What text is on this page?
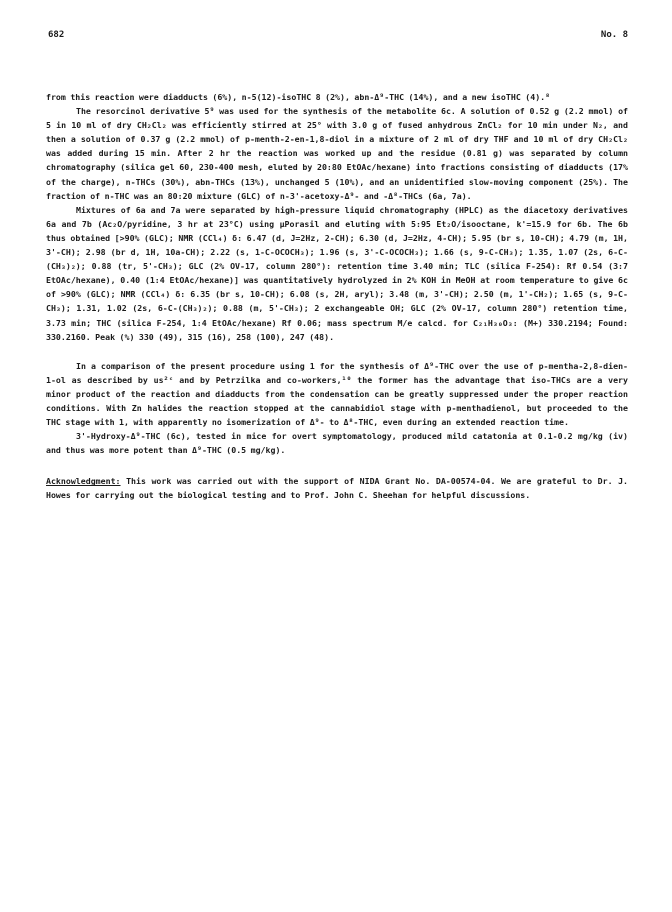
682	No. 8

from this reaction were diadducts (6%), n-5(12)-isoTHC 8 (2%), abn-Δ⁹-THC (14%), and a new isoTHC (4).⁸

The resorcinol derivative 5⁹ was used for the synthesis of the metabolite 6c. A solution of 0.52 g (2.2 mmol) of 5 in 10 ml of dry CH₂Cl₂ was efficiently stirred at 25° with 3.0 g of fused anhydrous ZnCl₂ for 10 min under N₂, and then a solution of 0.37 g (2.2 mmol) of p-menth-2-en-1,8-diol in a mixture of 2 ml of dry THF and 10 ml of dry CH₂Cl₂ was added during 15 min. After 2 hr the reaction was worked up and the residue (0.81 g) was separated by column chromatography (silica gel 60, 230-400 mesh, eluted by 20:80 EtOAc/hexane) into fractions consisting of diadducts (17% of the charge), n-THCs (30%), abn-THCs (13%), unchanged 5 (10%), and an unidentified slow-moving component (25%). The fraction of n-THC was an 80:20 mixture (GLC) of n-3'-acetoxy-Δ⁹- and -Δ⁸-THCs (6a, 7a).

Mixtures of 6a and 7a were separated by high-pressure liquid chromatography (HPLC) as the diacetoxy derivatives 6a and 7b (Ac₂O/pyridine, 3 hr at 23°C) using μPorasil and eluting with 5:95 Et₂O/isooctane, k'=15.9 for 6b. The 6b thus obtained [>90% (GLC); NMR (CCl₄) δ: 6.47 (d, J=2Hz, 2-CH); 6.30 (d, J=2Hz, 4-CH); 5.95 (br s, 10-CH); 4.79 (m, 1H, 3'-CH); 2.98 (br d, 1H, 10a-CH); 2.22 (s, 1-C-OCOCH₃); 1.96 (s, 3'-C-OCOCH₃); 1.66 (s, 9-C-CH₃); 1.35, 1.07 (2s, 6-C-(CH₃)₂); 0.88 (tr, 5'-CH₃); GLC (2% OV-17, column 280°): retention time 3.40 min; TLC (silica F-254): Rf 0.54 (3:7 EtOAc/hexane), 0.40 (1:4 EtOAc/hexane)] was quantitatively hydrolyzed in 2% KOH in MeOH at room temperature to give 6c of >90% (GLC); NMR (CCl₄) δ: 6.35 (br s, 10-CH); 6.08 (s, 2H, aryl); 3.48 (m, 3'-CH); 2.50 (m, 1'-CH₂); 1.65 (s, 9-C-CH₃); 1.31, 1.02 (2s, 6-C-(CH₃)₂); 0.88 (m, 5'-CH₃); 2 exchangeable OH; GLC (2% OV-17, column 280°) retention time, 3.73 min; THC (silica F-254, 1:4 EtOAc/hexane) Rf 0.06; mass spectrum M/e calcd. for C₂₁H₃₀O₃: (M+) 330.2194; Found: 330.2160. Peak (%) 330 (49), 315 (16), 258 (100), 247 (48).

In a comparison of the present procedure using 1 for the synthesis of Δ⁹-THC over the use of p-mentha-2,8-dien-1-ol as described by us²ᶜ and by Petrzilka and co-workers,¹⁰ the former has the advantage that iso-THCs are a very minor product of the reaction and diadducts from the condensation can be greatly suppressed under the proper reaction conditions. With Zn halides the reaction stopped at the cannabidiol stage with p-menthadienol, but proceeded to the THC stage with 1, with apparently no isomerization of Δ⁹- to Δ⁸-THC, even during an extended reaction time.

3'-Hydroxy-Δ⁹-THC (6c), tested in mice for overt symptomatology, produced mild catatonia at 0.1-0.2 mg/kg (iv) and thus was more potent than Δ⁹-THC (0.5 mg/kg).

Acknowledgment: This work was carried out with the support of NIDA Grant No. DA-00574-04. We are grateful to Dr. J. Howes for carrying out the biological testing and to Prof. John C. Sheehan for helpful discussions.
